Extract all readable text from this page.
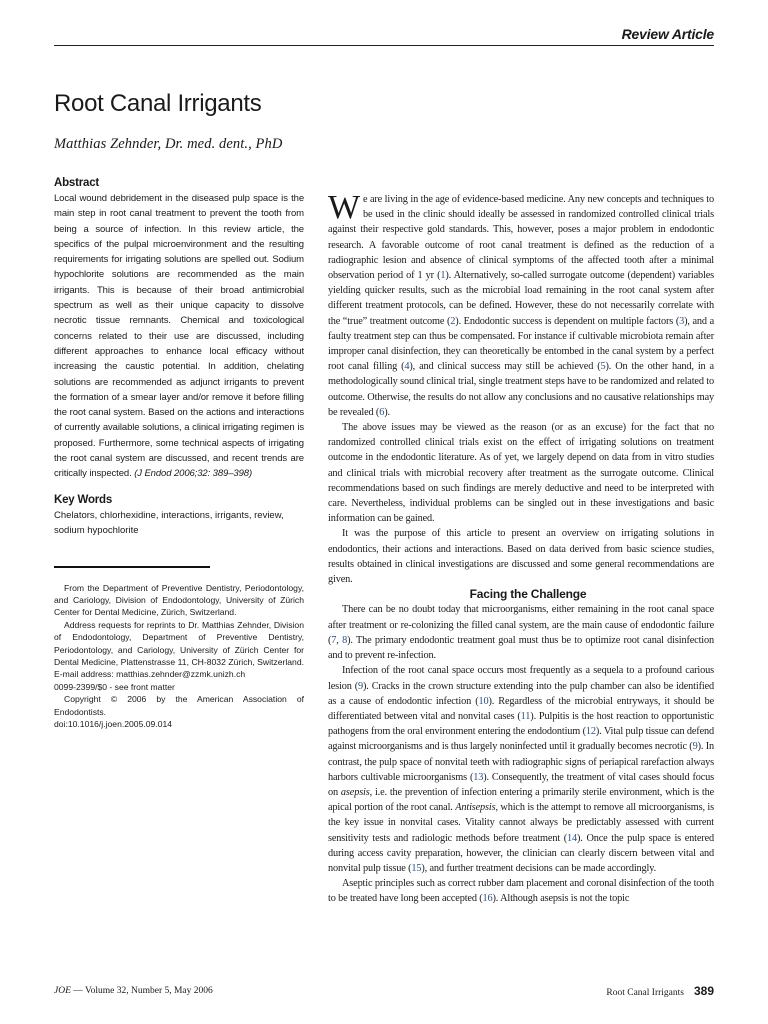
Review Article
Root Canal Irrigants
Matthias Zehnder, Dr. med. dent., PhD
Abstract

Local wound debridement in the diseased pulp space is the main step in root canal treatment to prevent the tooth from being a source of infection. In this review article, the specifics of the pulpal microenvironment and the resulting requirements for irrigating solutions are spelled out. Sodium hypochlorite solutions are recommended as the main irrigants. This is because of their broad antimicrobial spectrum as well as their unique capacity to dissolve necrotic tissue remnants. Chemical and toxicological concerns related to their use are discussed, including different approaches to enhance local efficacy without increasing the caustic potential. In addition, chelating solutions are recommended as adjunct irrigants to prevent the formation of a smear layer and/or remove it before filling the root canal system. Based on the actions and interactions of currently available solutions, a clinical irrigating regimen is proposed. Furthermore, some technical aspects of irrigating the root canal system are discussed, and recent trends are critically inspected. (J Endod 2006;32: 389–398)

Key Words

Chelators, chlorhexidine, interactions, irrigants, review, sodium hypochlorite

From the Department of Preventive Dentistry, Periodontology, and Cariology, Division of Endodontology, University of Zürich Center for Dental Medicine, Zürich, Switzerland.

Address requests for reprints to Dr. Matthias Zehnder, Division of Endodontology, Department of Preventive Dentistry, Periodontology, and Cariology, University of Zürich Center for Dental Medicine, Plattenstrasse 11, CH-8032 Zürich, Switzerland. E-mail address: matthias.zehnder@zzmk.unizh.ch

0099-2399/$0 - see front matter

Copyright © 2006 by the American Association of Endodontists.

doi:10.1016/j.joen.2005.09.014

We are living in the age of evidence-based medicine. Any new concepts and techniques to be used in the clinic should ideally be assessed in randomized controlled clinical trials against their respective gold standards. This, however, poses a major problem in endodontic research. A favorable outcome of root canal treatment is defined as the reduction of a radiographic lesion and absence of clinical symptoms of the affected tooth after a minimal observation period of 1 yr (1). Alternatively, so-called surrogate outcome (dependent) variables yielding quicker results, such as the microbial load remaining in the root canal system after different treatment protocols, can be defined. However, these do not necessarily correlate with the “true” treatment outcome (2). Endodontic success is dependent on multiple factors (3), and a faulty treatment step can thus be compensated. For instance if cultivable microbiota remain after improper canal disinfection, they can theoretically be entombed in the canal system by a perfect root canal filling (4), and clinical success may still be achieved (5). On the other hand, in a methodologically sound clinical trial, single treatment steps have to be randomized and related to outcome. Otherwise, the results do not allow any conclusions and no causative relationships may be revealed (6).

The above issues may be viewed as the reason (or as an excuse) for the fact that no randomized controlled clinical trials exist on the effect of irrigating solutions on treatment outcome in the endodontic literature. As of yet, we largely depend on data from in vitro studies and clinical trials with microbial recovery after treatment as the surrogate outcome. Clinical recommendations based on such findings are merely deductive and need to be interpreted with care. Nevertheless, individual problems can be singled out in these investigations and basic information can be gained.

It was the purpose of this article to present an overview on irrigating solutions in endodontics, their actions and interactions. Based on data derived from basic science studies, results obtained in clinical investigations are discussed and some general recommendations are given.

Facing the Challenge

There can be no doubt today that microorganisms, either remaining in the root canal space after treatment or re-colonizing the filled canal system, are the main cause of endodontic failure (7, 8). The primary endodontic treatment goal must thus be to optimize root canal disinfection and to prevent re-infection.

Infection of the root canal space occurs most frequently as a sequela to a profound carious lesion (9). Cracks in the crown structure extending into the pulp chamber can also be identified as a cause of endodontic infection (10). Regardless of the microbial entryways, it should be differentiated between vital and nonvital cases (11). Pulpitis is the host reaction to opportunistic pathogens from the oral environment entering the endodontium (12). Vital pulp tissue can defend against microorganisms and is thus largely noninfected until it gradually becomes necrotic (9). In contrast, the pulp space of nonvital teeth with radiographic signs of periapical rarefaction always harbors cultivable microorganisms (13). Consequently, the treatment of vital cases should focus on asepsis, i.e. the prevention of infection entering a primarily sterile environment, which is the apical portion of the root canal. Antisepsis, which is the attempt to remove all microorganisms, is the key issue in nonvital cases. Vitality cannot always be predictably assessed with current sensitivity tests and radiologic methods before treatment (14). Once the pulp space is entered during access cavity preparation, however, the clinician can clearly discern between vital and nonvital pulp tissue (15), and further treatment decisions can be made accordingly.

Aseptic principles such as correct rubber dam placement and coronal disinfection of the tooth to be treated have long been accepted (16). Although asepsis is not the topic

JOE — Volume 32, Number 5, May 2006	Root Canal Irrigants 389
